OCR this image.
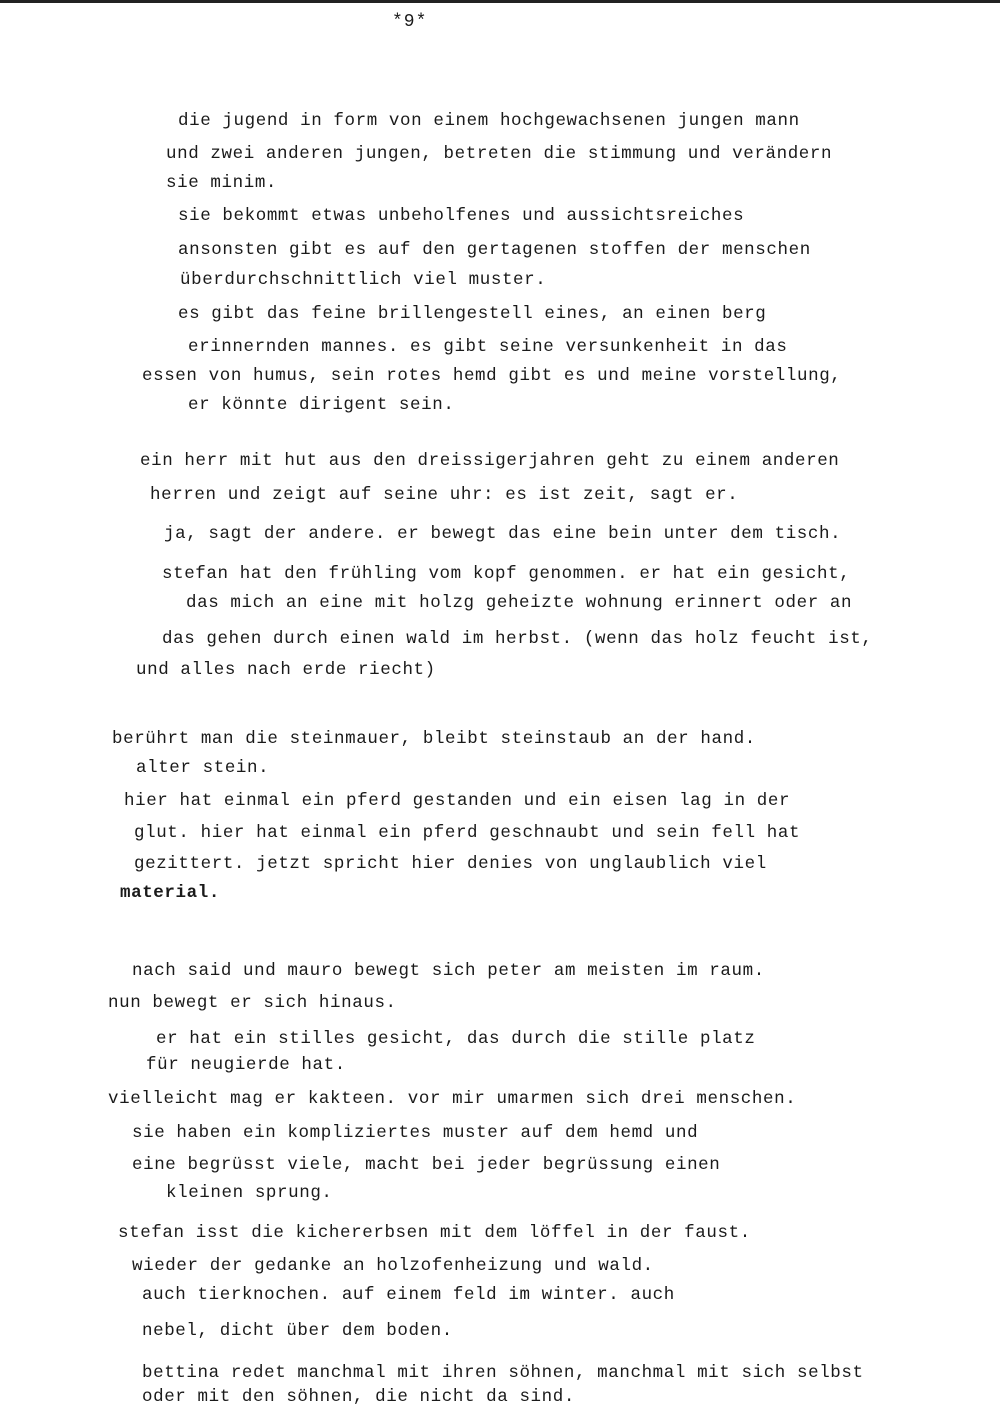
*9*
die jugend in form von einem hochgewachsenen jungen mann
und zwei anderen jungen, betreten die stimmung und verändern
sie minim.
sie bekommt etwas unbeholfenes und aussichtsreiches
ansonsten gibt es auf den gertagenen stoffen der menschen
überdurchschnittlich viel muster.
es gibt das feine brillengestell eines, an einen berg
erinnernden mannes. es gibt seine versunkenheit in das
essen von humus, sein rotes hemd gibt es und meine vorstellung,
er könnte dirigent sein.
ein herr mit hut aus den dreissigerjahren geht zu einem anderen
herren und zeigt auf seine uhr: es ist zeit, sagt er.
ja, sagt der andere. er bewegt das eine bein unter dem tisch.
stefan hat den frühling vom kopf genommen. er hat ein gesicht,
das mich an eine mit holzg geheizte wohnung erinnert oder an
das gehen durch einen wald im herbst. (wenn das holz feucht ist,
und alles nach erde riecht)
berührt man die steinmauer, bleibt steinstaub an der hand.
alter stein.
hier hat einmal ein pferd gestanden und ein eisen lag in der
glut. hier hat einmal ein pferd geschnaubt und sein fell hat
gezittert. jetzt spricht hier denies von unglaublich viel
material.
nach said und mauro bewegt sich peter am meisten im raum.
nun bewegt er sich hinaus.
er hat ein stilles gesicht, das durch die stille platz
für neugierde hat.
vielleicht mag er kakteen. vor mir umarmen sich drei menschen.
sie haben ein kompliziertes muster auf dem hemd und
eine begrüsst viele, macht bei jeder begrüssung einen
kleinen sprung.
stefan isst die kichererbsen mit dem löffel in der faust.
wieder der gedanke an holzofenheizung und wald.
auch tierknochen. auf einem feld im winter. auch
nebel, dicht über dem boden.
bettina redet manchmal mit ihren söhnen, manchmal mit sich selbst
oder mit den söhnen, die nicht da sind.
